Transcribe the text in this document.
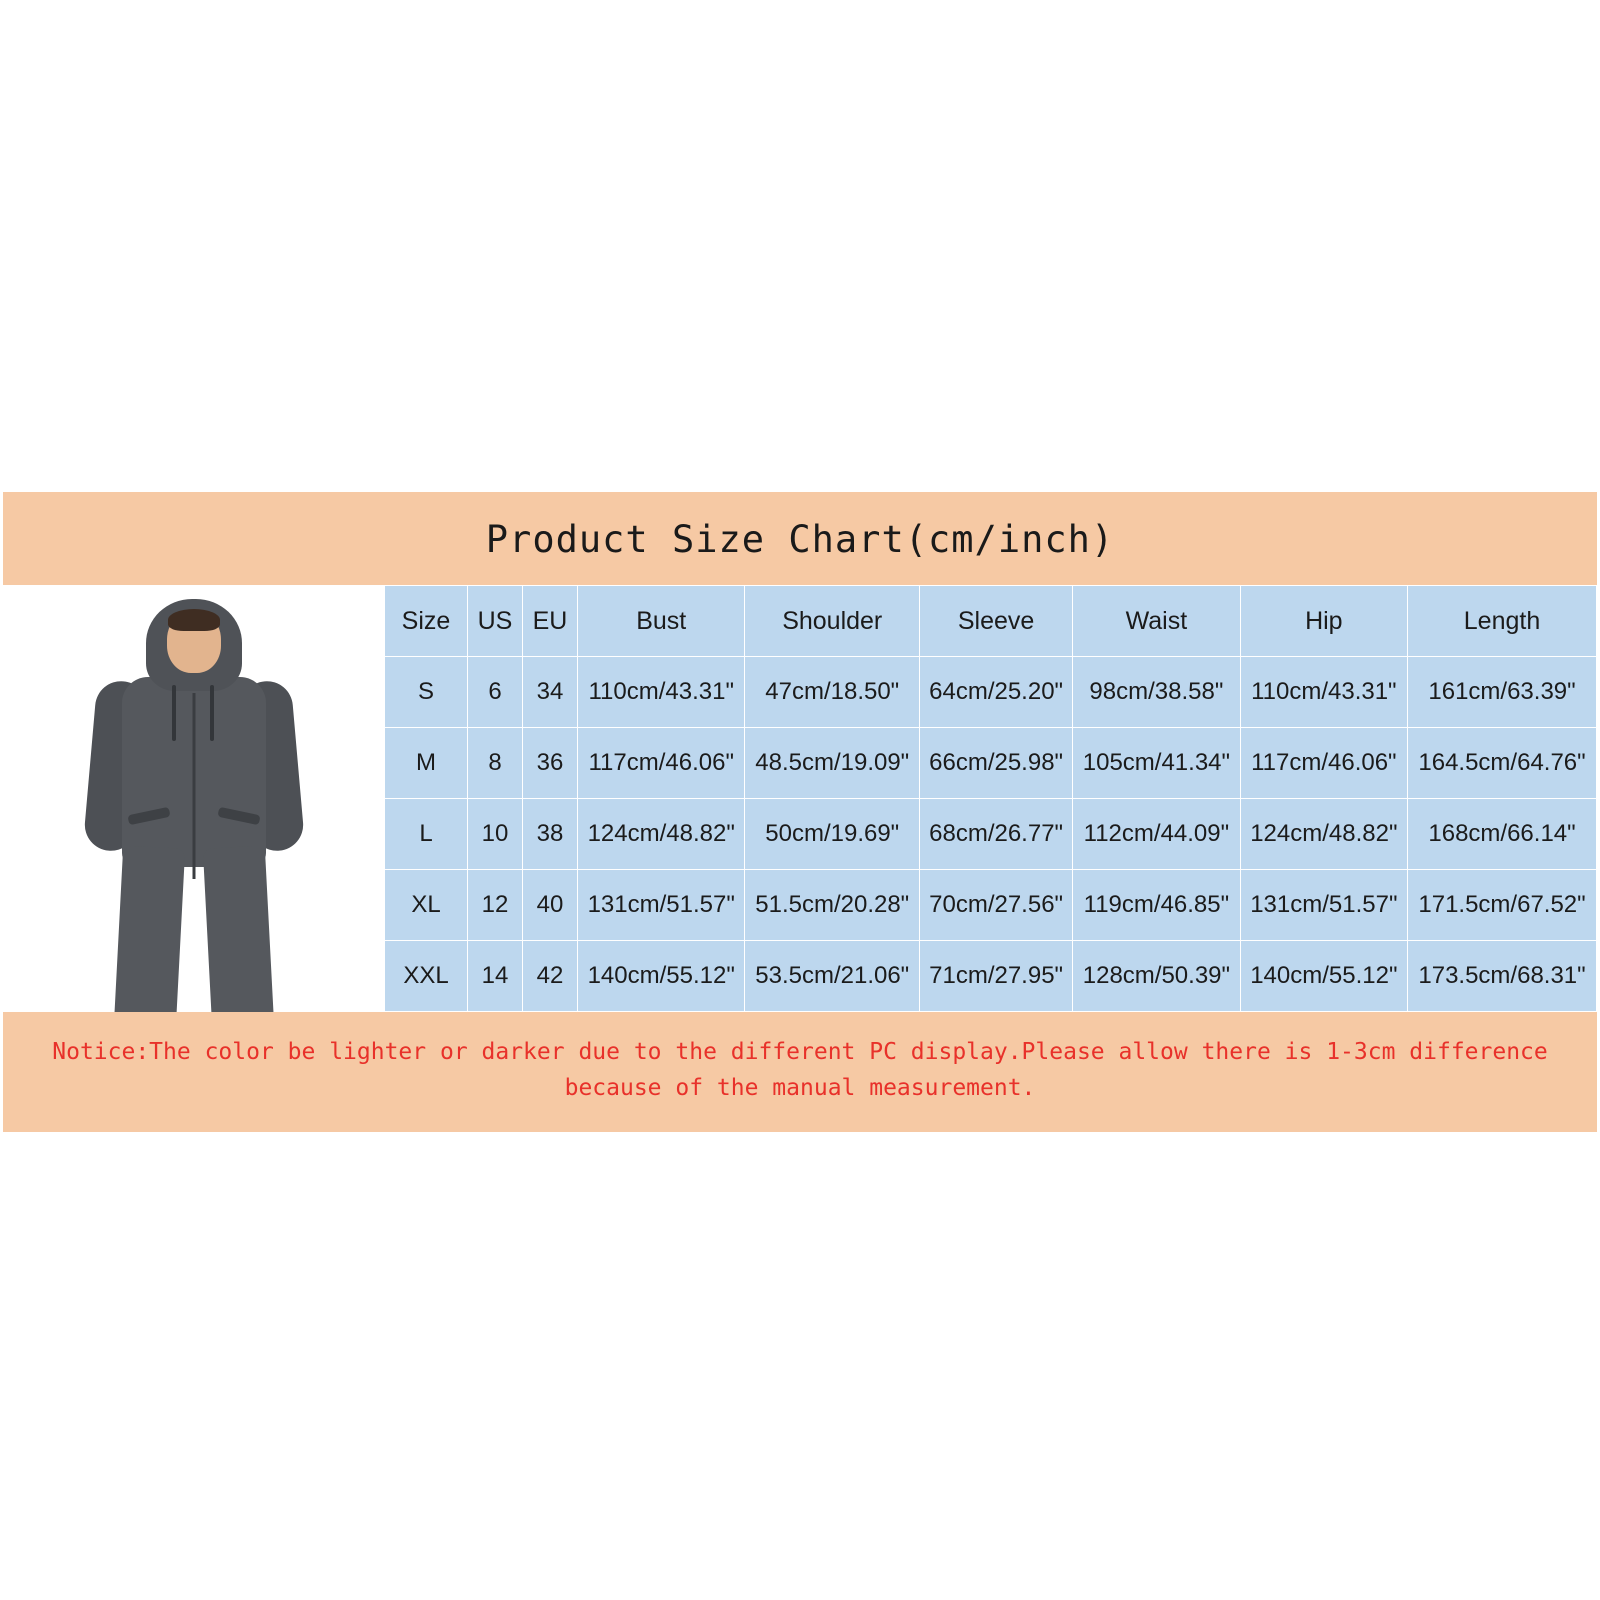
Product Size Chart(cm/inch)
Size	US	EU	Bust	Shoulder	Sleeve	Waist	Hip	Length
S	6	34	110cm/43.31"	47cm/18.50"	64cm/25.20"	98cm/38.58"	110cm/43.31"	161cm/63.39"
M	8	36	117cm/46.06"	48.5cm/19.09"	66cm/25.98"	105cm/41.34"	117cm/46.06"	164.5cm/64.76"
L	10	38	124cm/48.82"	50cm/19.69"	68cm/26.77"	112cm/44.09"	124cm/48.82"	168cm/66.14"
XL	12	40	131cm/51.57"	51.5cm/20.28"	70cm/27.56"	119cm/46.85"	131cm/51.57"	171.5cm/67.52"
XXL	14	42	140cm/55.12"	53.5cm/21.06"	71cm/27.95"	128cm/50.39"	140cm/55.12"	173.5cm/68.31"
Notice:The color be lighter or darker due to the different PC display.Please allow there is 1-3cm difference because of the manual measurement.
